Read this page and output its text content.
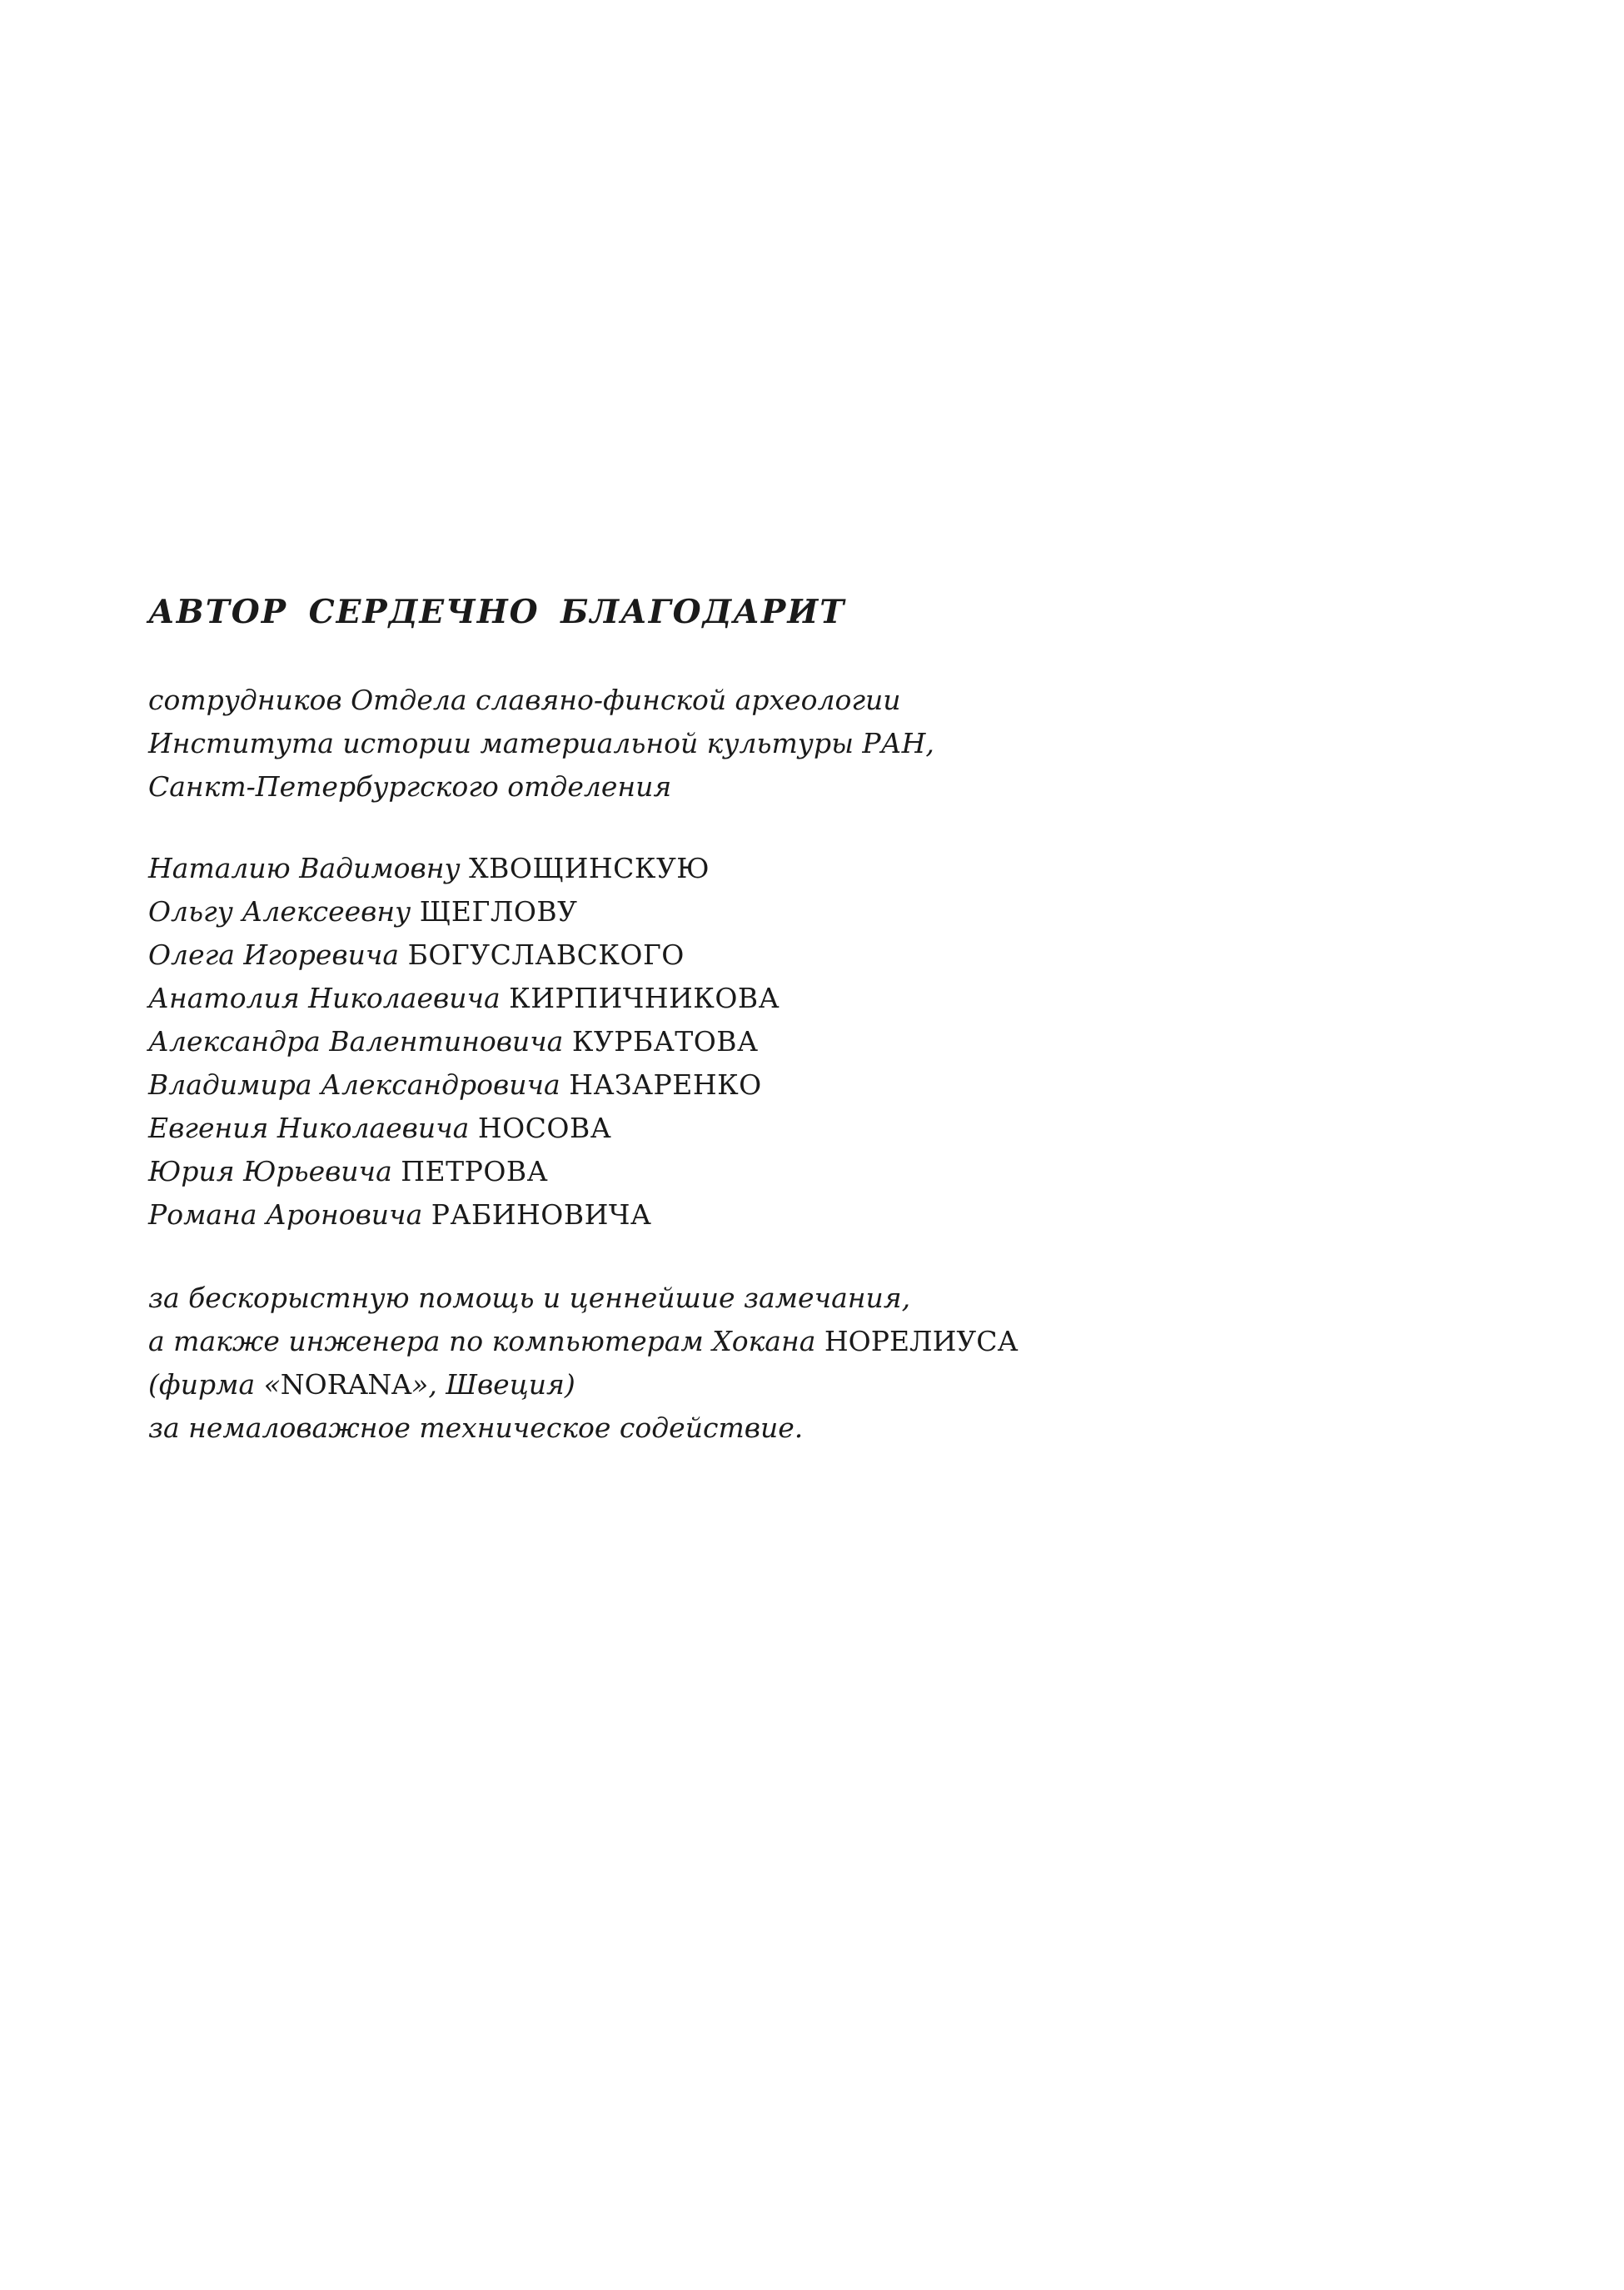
АВТОР СЕРДЕЧНО БЛАГОДАРИТ

сотрудников Отдела славяно-финской археологии
Института истории материальной культуры РАН,
Санкт-Петербургского отделения

Наталию Вадимовну ХВОЩИНСКУЮ
Ольгу Алексеевну ЩЕГЛОВУ
Олега Игоревича БОГУСЛАВСКОГО
Анатолия Николаевича КИРПИЧНИКОВА
Александра Валентиновича КУРБАТОВА
Владимира Александровича НАЗАРЕНКО
Евгения Николаевича НОСОВА
Юрия Юрьевича ПЕТРОВА
Романа Ароновича РАБИНОВИЧА

за бескорыстную помощь и ценнейшие замечания,
а также инженера по компьютерам Хокана НОРЕЛИУСА
(фирма «NORANA», Швеция)
за немаловажное техническое содействие.
